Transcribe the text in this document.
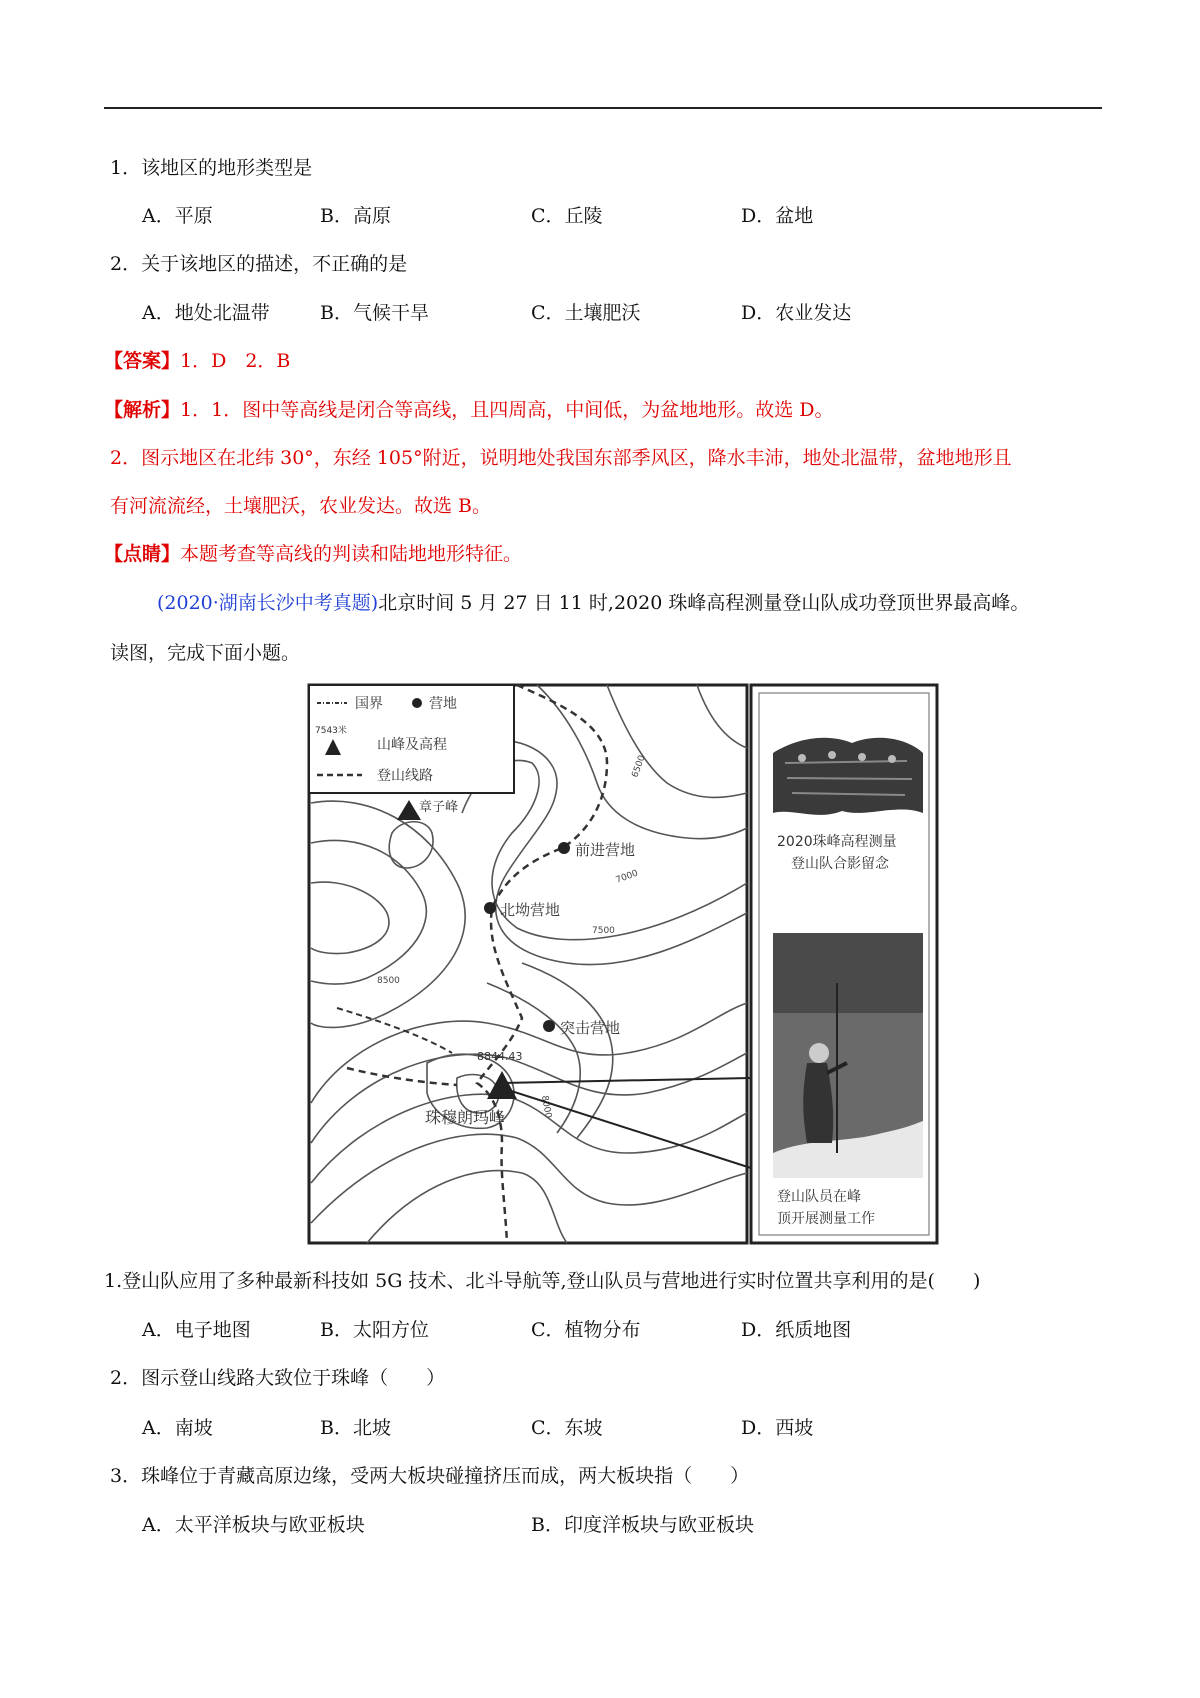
1．该地区的地形类型是
A．平原	B．高原	C．丘陵	D．盆地
2．关于该地区的描述，不正确的是
A．地处北温带	B．气候干旱	C．土壤肥沃	D．农业发达
【答案】1．D　2．B
【解析】1．1．图中等高线是闭合等高线，且四周高，中间低，为盆地地形。故选 D。
2．图示地区在北纬 30°，东经 105°附近，说明地处我国东部季风区，降水丰沛，地处北温带，盆地地形且
有河流流经，土壤肥沃，农业发达。故选 B。
【点睛】本题考查等高线的判读和陆地地形特征。
(2020·湖南长沙中考真题)北京时间 5 月 27 日 11 时,2020 珠峰高程测量登山队成功登顶世界最高峰。
读图，完成下面小题。
前进营地
北坳营地
突击营地
章子峰
8844.43
珠穆朗玛峰
6500
7000
7500
8000
8500
国界	营地
7543米
山峰及高程
登山线路
2020珠峰高程测量
登山队合影留念
登山队员在峰
顶开展测量工作
1.登山队应用了多种最新科技如 5G 技术、北斗导航等,登山队员与营地进行实时位置共享利用的是(　　)
A．电子地图	B．太阳方位	C．植物分布	D．纸质地图
2．图示登山线路大致位于珠峰（　　）
A．南坡	B．北坡	C．东坡	D．西坡
3．珠峰位于青藏高原边缘，受两大板块碰撞挤压而成，两大板块指（　　）
A．太平洋板块与欧亚板块	B．印度洋板块与欧亚板块
